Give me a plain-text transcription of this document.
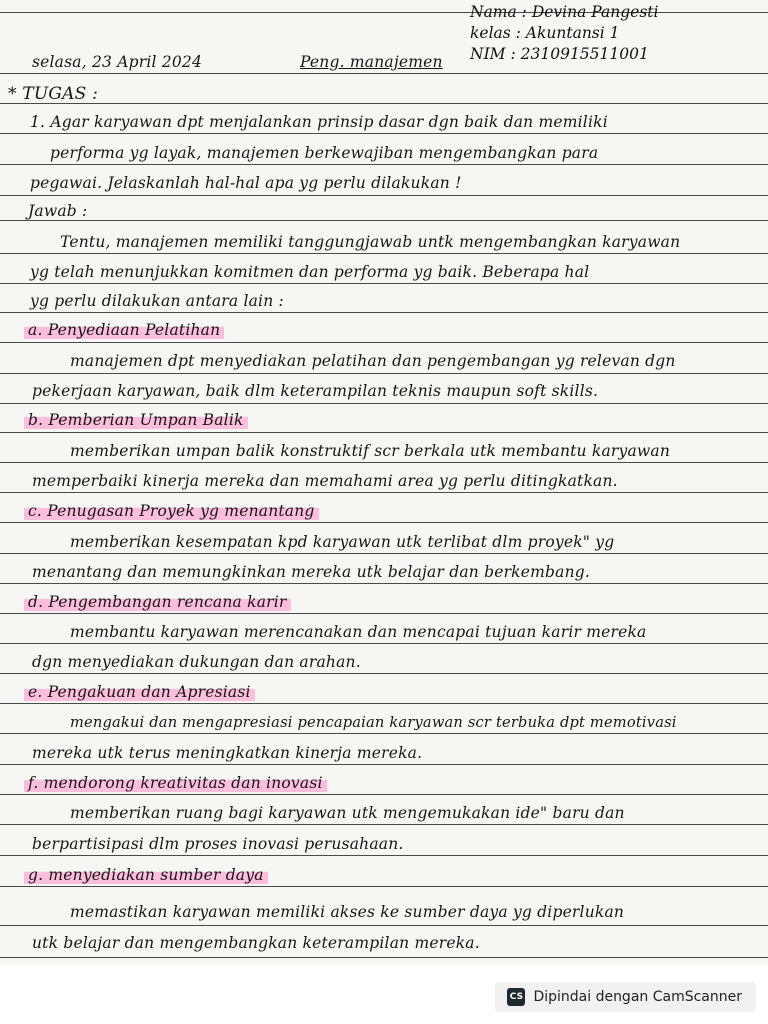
Nama : Devina Pangesti
kelas : Akuntansi 1
NIM : 2310915511001
selasa, 23 April 2024	Peng. manajemen
* TUGAS :
1. Agar karyawan dpt menjalankan prinsip dasar dgn baik dan memiliki
performa yg layak, manajemen berkewajiban mengembangkan para
pegawai. Jelaskanlah hal-hal apa yg perlu dilakukan !
Jawab :
Tentu, manajemen memiliki tanggungjawab untk mengembangkan karyawan
yg telah menunjukkan komitmen dan performa yg baik. Beberapa hal
yg perlu dilakukan antara lain :
a. Penyediaan Pelatihan
manajemen dpt menyediakan pelatihan dan pengembangan yg relevan dgn
pekerjaan karyawan, baik dlm keterampilan teknis maupun soft skills.
b. Pemberian Umpan Balik
memberikan umpan balik konstruktif scr berkala utk membantu karyawan
memperbaiki kinerja mereka dan memahami area yg perlu ditingkatkan.
c. Penugasan Proyek yg menantang
memberikan kesempatan kpd karyawan utk terlibat dlm proyek" yg
menantang dan memungkinkan mereka utk belajar dan berkembang.
d. Pengembangan rencana karir
membantu karyawan merencanakan dan mencapai tujuan karir mereka
dgn menyediakan dukungan dan arahan.
e. Pengakuan dan Apresiasi
mengakui dan mengapresiasi pencapaian karyawan scr terbuka dpt memotivasi
mereka utk terus meningkatkan kinerja mereka.
f. mendorong kreativitas dan inovasi
memberikan ruang bagi karyawan utk mengemukakan ide" baru dan
berpartisipasi dlm proses inovasi perusahaan.
g. menyediakan sumber daya
memastikan karyawan memiliki akses ke sumber daya yg diperlukan
utk belajar dan mengembangkan keterampilan mereka.
CS Dipindai dengan CamScanner
